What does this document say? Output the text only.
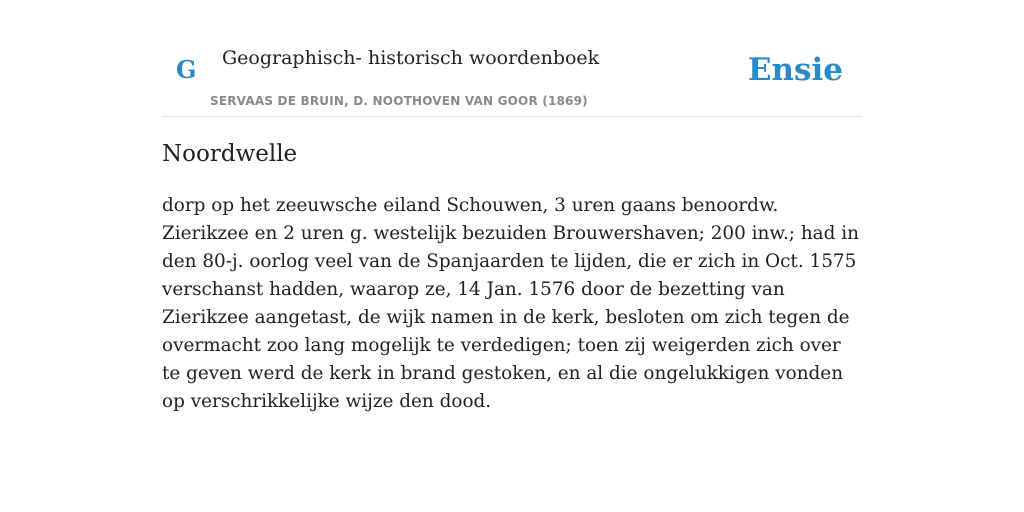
G Geographisch- historisch woordenboek
SERVAAS DE BRUIN, D. NOOTHOVEN VAN GOOR (1869)
Ensie
Noordwelle

dorp op het zeeuwsche eiland Schouwen, 3 uren gaans benoordw. Zierikzee en 2 uren g. westelijk bezuiden Brouwershaven; 200 inw.; had in den 80-j. oorlog veel van de Spanjaarden te lijden, die er zich in Oct. 1575 verschanst hadden, waarop ze, 14 Jan. 1576 door de bezetting van Zierikzee aangetast, de wijk namen in de kerk, besloten om zich tegen de overmacht zoo lang mogelijk te verdedigen; toen zij weigerden zich over te geven werd de kerk in brand gestoken, en al die ongelukkigen vonden op verschrikkelijke wijze den dood.
